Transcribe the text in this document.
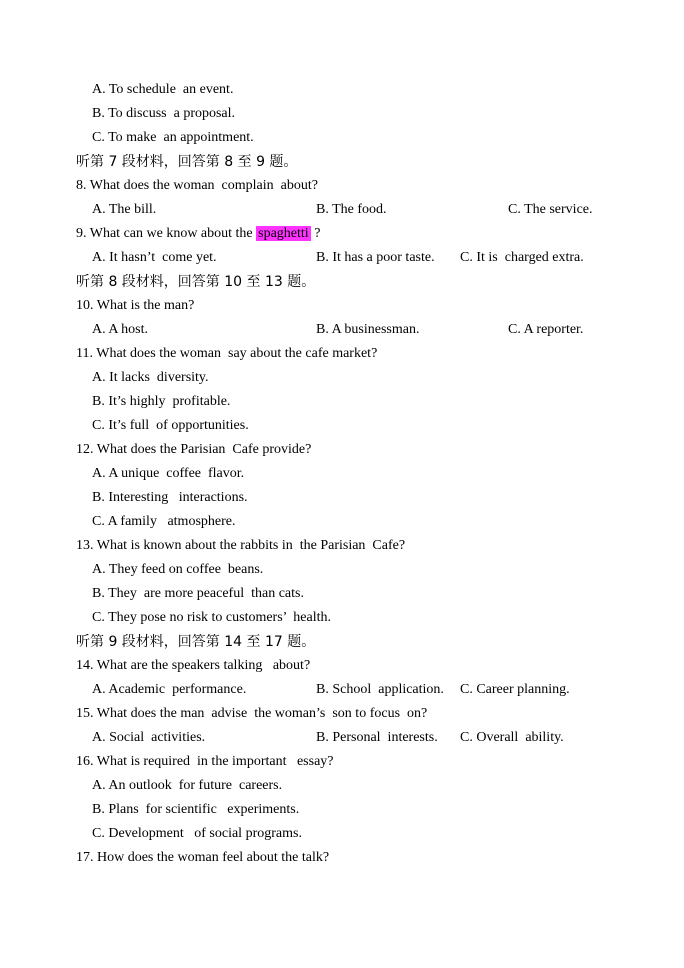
A. To schedule  an event.
B. To discuss  a proposal.
C. To make  an appointment.
听第 7 段材料，回答第 8 至 9 题。
8. What does the woman  complain  about?
A. The bill.	B. The food.	C. The service.
9. What can we know about the spaghetti ?
A. It hasn’t  come yet.	B. It has a poor taste. C. It is  charged extra.
听第 8 段材料，回答第 10 至 13 题。
10. What is the man?
A. A host.	B. A businessman.	C. A reporter.
11. What does the woman  say about the cafe market?
A. It lacks  diversity.
B. It’s highly  profitable.
C. It’s full  of opportunities.
12. What does the Parisian  Cafe provide?
A. A unique  coffee  flavor.
B. Interesting   interactions.
C. A family   atmosphere.
13. What is known about the rabbits in  the Parisian  Cafe?
A. They feed on coffee  beans.
B. They  are more peaceful  than cats.
C. They pose no risk to customers’  health.
听第 9 段材料，回答第 14 至 17 题。
14. What are the speakers talking   about?
A. Academic  performance.	B. School  application. C. Career planning.
15. What does the man  advise  the woman’s  son to focus  on?
A. Social  activities.	B. Personal  interests. C. Overall  ability.
16. What is required  in the important   essay?
A. An outlook  for future  careers.
B. Plans  for scientific   experiments.
C. Development   of social programs.
17. How does the woman feel about the talk?
